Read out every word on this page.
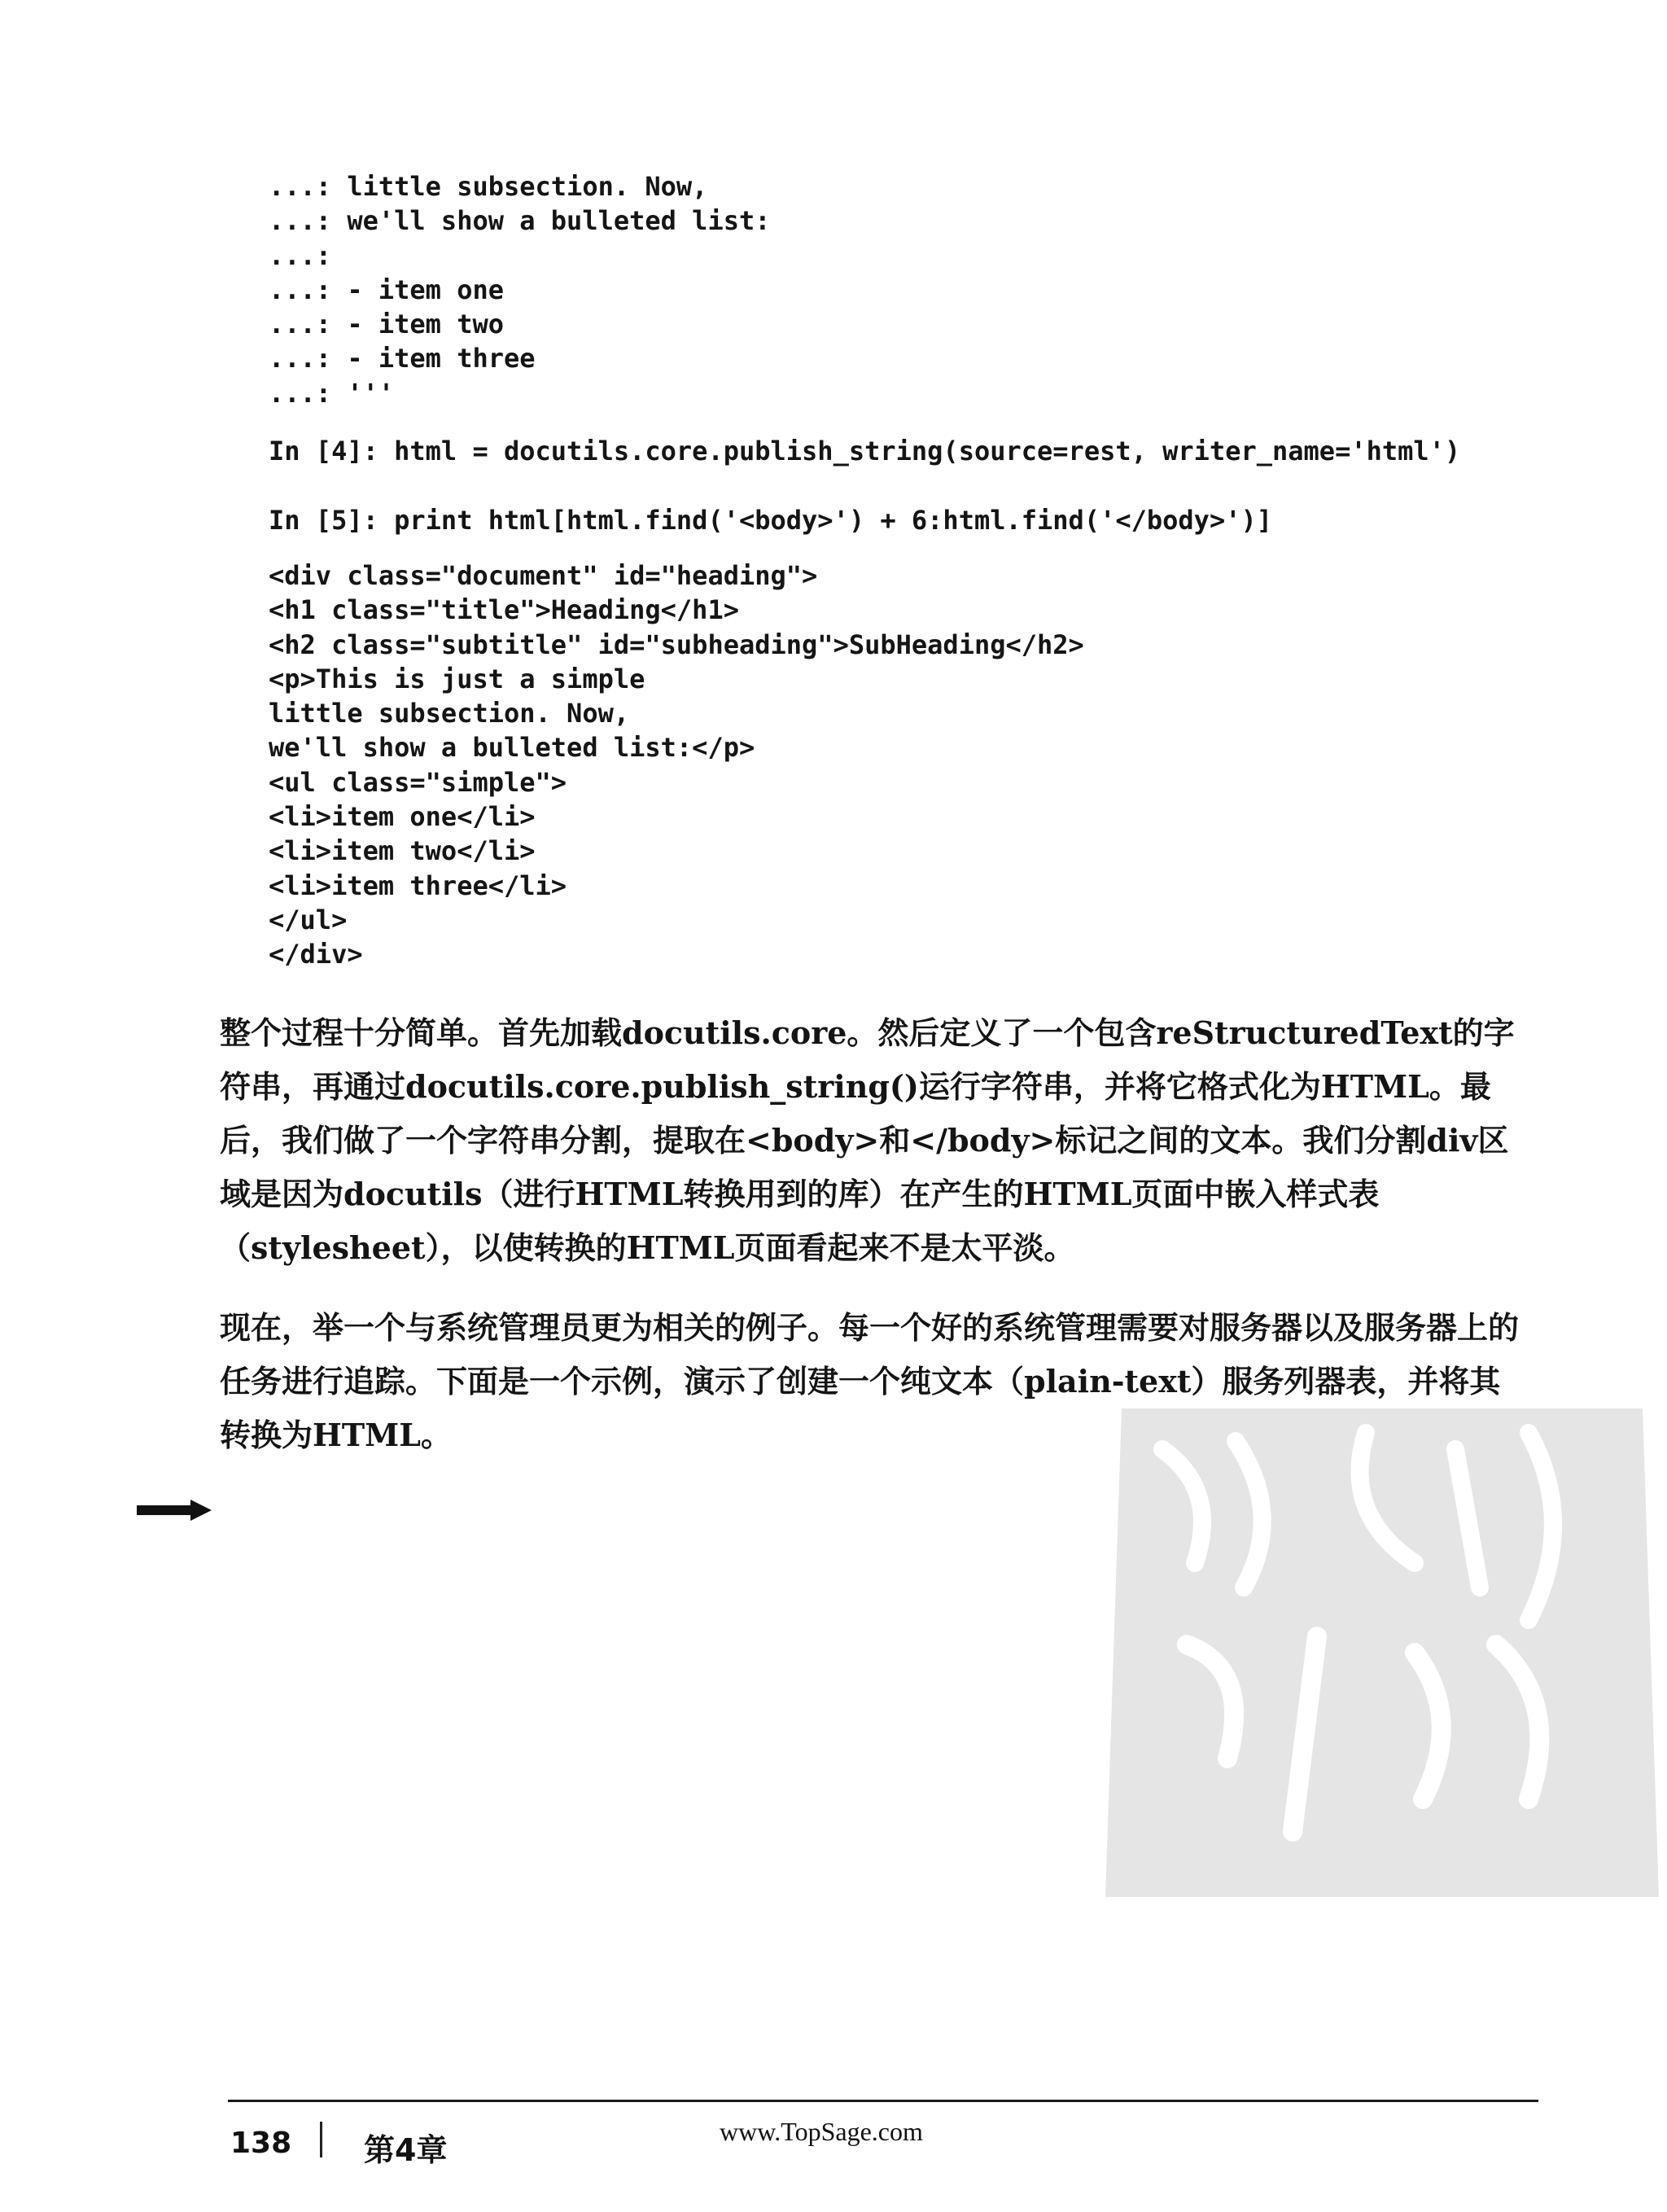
...: little subsection. Now,
...: we'll show a bulleted list:
...:
...: - item one
...: - item two
...: - item three
...: '''
In [4]: html = docutils.core.publish_string(source=rest, writer_name='html')

In [5]: print html[html.find('<body>') + 6:html.find('</body>')]
<div class="document" id="heading">
<h1 class="title">Heading</h1>
<h2 class="subtitle" id="subheading">SubHeading</h2>
<p>This is just a simple
little subsection. Now,
we'll show a bulleted list:</p>
<ul class="simple">
<li>item one</li>
<li>item two</li>
<li>item three</li>
</ul>
</div>

整个过程十分简单。首先加载docutils.core。然后定义了一个包含reStructuredText的字符串，再通过docutils.core.publish_string()运行字符串，并将它格式化为HTML。最后，我们做了一个字符串分割，提取在<body>和</body>标记之间的文本。我们分割div区域是因为docutils（进行HTML转换用到的库）在产生的HTML页面中嵌入样式表（stylesheet），以使转换的HTML页面看起来不是太平淡。

现在，举一个与系统管理员更为相关的例子。每一个好的系统管理需要对服务器以及服务器上的任务进行追踪。下面是一个示例，演示了创建一个纯文本（plain-text）服务列器表，并将其转换为HTML。

138 第4章
www.TopSage.com
